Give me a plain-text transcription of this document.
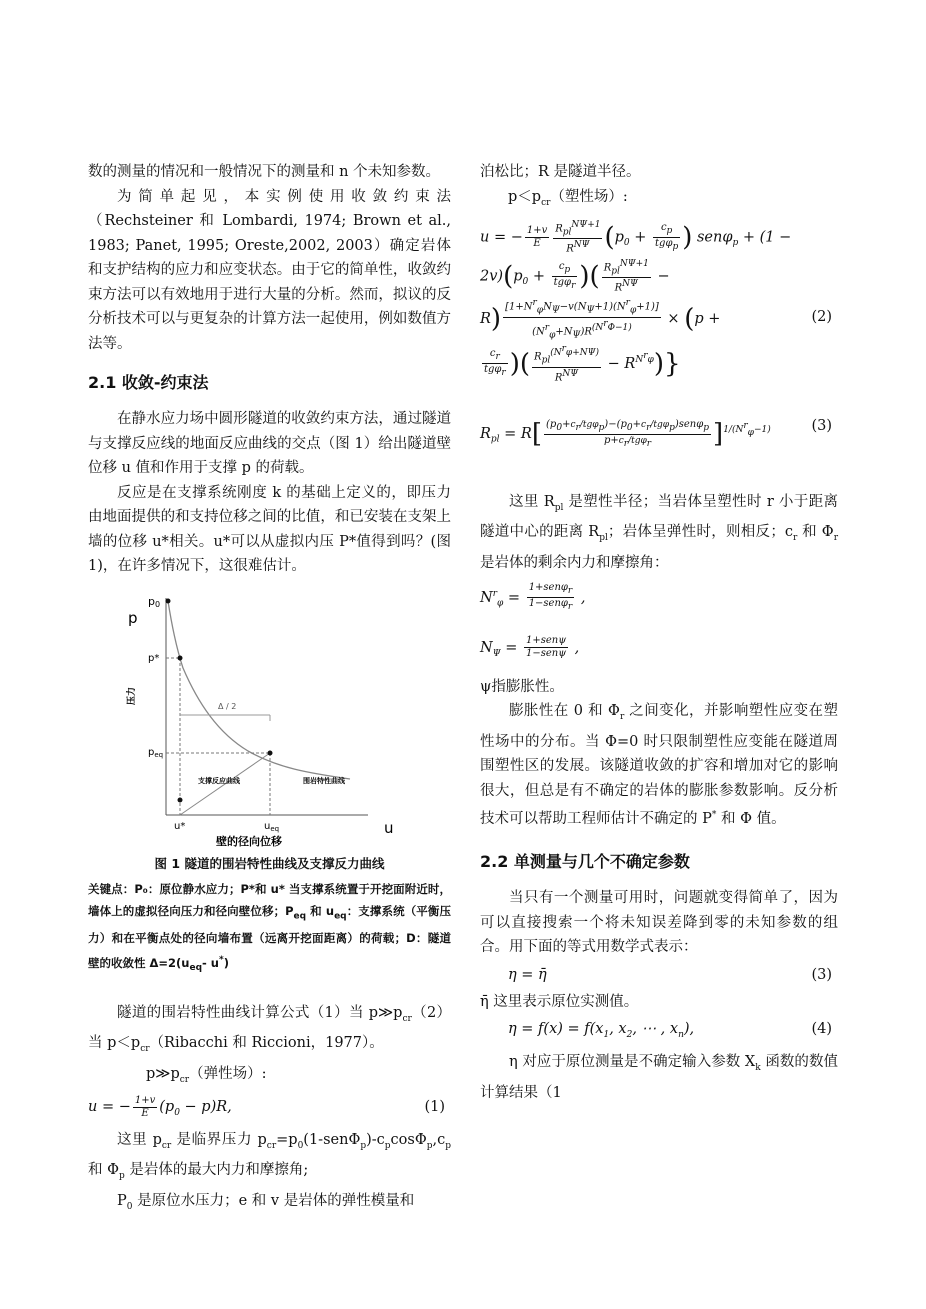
数的测量的情况和一般情况下的测量和 n 个未知参数。

为简单起见，本实例使用收敛约束法（Rechsteiner 和 Lombardi, 1974; Brown et al., 1983; Panet, 1995; Oreste,2002, 2003）确定岩体和支护结构的应力和应变状态。由于它的简单性，收敛约束方法可以有效地用于进行大量的分析。然而，拟议的反分析技术可以与更复杂的计算方法一起使用，例如数值方法等。

2.1 收敛-约束法

在静水应力场中圆形隧道的收敛约束方法，通过隧道与支撑反应线的地面反应曲线的交点（图 1）给出隧道壁位移 u 值和作用于支撑 p 的荷载。

反应是在支撑系统刚度 k 的基础上定义的，即压力由地面提供的和支持位移之间的比值，和已安装在支架上墙的位移 u*相关。u*可以从虚拟内压 P*值得到吗？(图 1)，在许多情况下，这很难估计。

p
p0
p*
$p_{eq}$
压力
Δ / 2
支撑反应曲线	围岩特性曲线
u*	$u_{eq}$	u
壁的径向位移
图 1 隧道的围岩特性曲线及支撑反力曲线
关键点：P₀：原位静水应力；P*和 u* 当支撑系统置于开挖面附近时，墙体上的虚拟径向压力和径向壁位移；$P_{eq}$ 和 $u_{eq}$：支撑系统（平衡压力）和在平衡点处的径向墙布置（远离开挖面距离）的荷载；D：隧道壁的收敛性 $\Delta=2(u_{eq}-$ u*)

隧道的围岩特性曲线计算公式（1）当 $p≫p_{cr}(2)$当 $p<p_{cr}(Ribacchi$ 和 Riccioni，1977）。

$p≫p_{cr}$（弹性场）:

u = − $\frac{1+v}{E} (p_0 - p)R$,	(1)

这里 $p_{cr}$ 是临界压力 $p_{cr}=p_0(1-sen\Phi_p)-c_p\cos\Phi_p,c_p$ 和 $\Phi_p$ 是岩体的最大内力和摩擦角;

$P_0$ 是原位水压力；e 和 v 是岩体的弹性模量和

泊松比；R 是隧道半径。

$p<p_{cr}$（塑性场）:

u = − $\frac{1+v}{E} \frac{R_{pl}^{N\Psi+1}}{R^{N\Psi}} (p_0 + \frac{c_p}{tg\varphi_p}$ ) senφ$_p$ + (1 −
$2v)(p_0 + \frac{c_p}{tg\varphi_r}$ )( $\frac{R_{pl}^{N\Psi+1}}{R^{N\Psi}}$ −
$R) \frac{[1+N^r_\varphi N_\Psi-v(N_\Psi+1)(N^r_\varphi+1)]}{(N^r_\varphi+N_\Psi)R^{(N^r\Phi-1)}} \times (p$ +
$\frac{c_r}{tg\varphi_r}$ )( $\frac{R_{pl}^{(N^r\varphi+N\Psi)}}{R^{N\Psi}} - R^{N^r\varphi}$)}
(2)
$R_{pl} = R[ \frac{(p_0+c_r/tg\varphi_p)-(p_0+c_r/tg\varphi_p)sen\varphi_p}{p+c_r/tg\varphi_r} ]^{1/(N^r_\varphi-1)}$	(3)

这里 $R_{pl}$ 是塑性半径；当岩体呈塑性时 r 小于距离隧道中心的距离 $R_{pl}$；岩体呈弹性时，则相反；$c_r$ 和 $\Phi_r$ 是岩体的剩余内力和摩擦角：

$N^r_\varphi = \frac{1+sen\varphi_r}{1-sen\varphi_r}$ ,
$N_\Psi = \frac{\text{1+senψ}}{\text{1−senψ}}$ ,

ψ指膨胀性。

膨胀性在 0 和 $\Phi_r$ 之间变化，并影响塑性应变在塑性场中的分布。当 Φ=0 时只限制塑性应变能在隧道周围塑性区的发展。该隧道收敛的扩容和增加对它的影响很大，但总是有不确定的岩体的膨胀参数影响。反分析技术可以帮助工程师估计不确定的 P* 和 Φ 值。

2.2 单测量与几个不确定参数

当只有一个测量可用时，问题就变得简单了，因为可以直接搜索一个将未知误差降到零的未知参数的组合。用下面的等式用数学式表示：

η = η̄	(3)

η̄ 这里表示原位实测值。

$\eta = f(x) = f(x_1$, $x_2$, ⋯ , $x_n$),	(4)

η 对应于原位测量是不确定输入参数 $X_k$ 函数的数值计算结果（1
